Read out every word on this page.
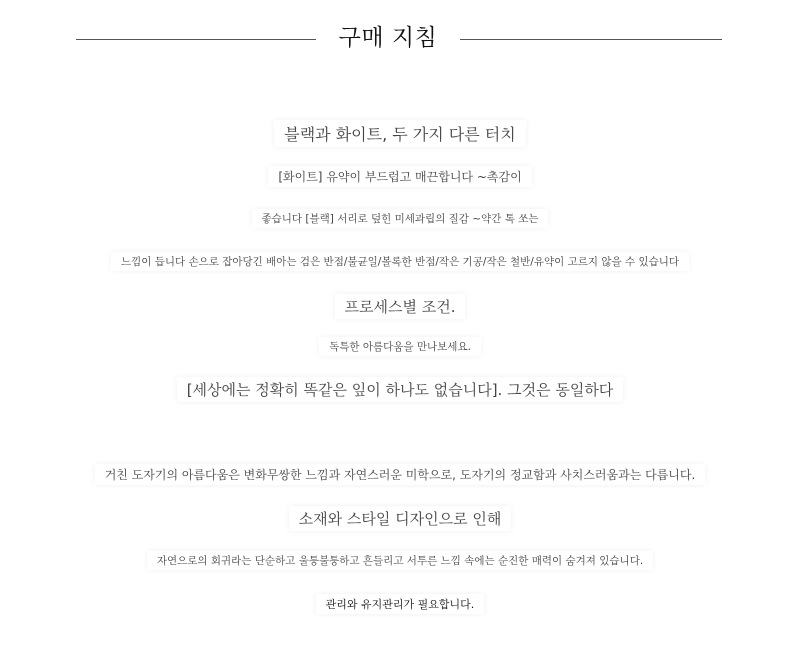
구매 지침
블랙과 화이트, 두 가지 다른 터치
[화이트] 유약이 부드럽고 매끈합니다 ~촉감이
좋습니다 [블랙] 서리로 덮힌 미세과립의 질감 ~약간 톡 쏘는
느낌이 듭니다 손으로 잡아당긴 배아는 검은 반점/불균일/볼록한 반점/작은 기공/작은 철반/유약이 고르지 않을 수 있습니다
프로세스별 조건.
독특한 아름다움을 만나보세요.
[세상에는 정확히 똑같은 잎이 하나도 없습니다]. 그것은 동일하다
거친 도자기의 아름다움은 변화무쌍한 느낌과 자연스러운 미학으로, 도자기의 정교함과 사치스러움과는 다릅니다.
소재와 스타일 디자인으로 인해
자연으로의 회귀라는 단순하고 울퉁불퉁하고 흔들리고 서투른 느낌 속에는 순진한 매력이 숨겨져 있습니다.
관리와 유지관리가 필요합니다.
